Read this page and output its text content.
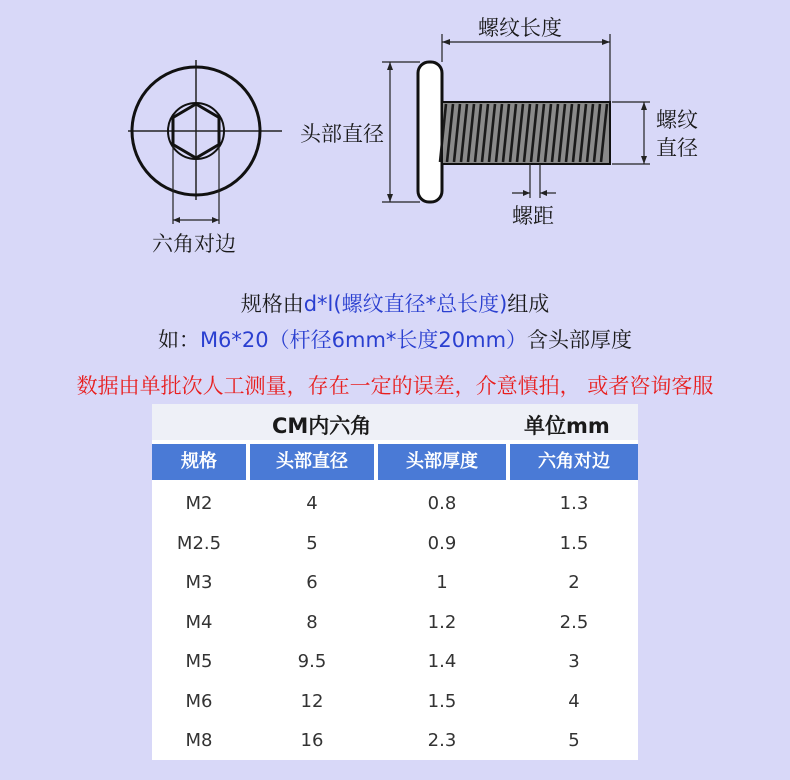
螺纹长度
头部直径
螺纹
直径
螺距
六角对边
规格由d*l(螺纹直径*总长度)组成
如：M6*20（杆径6mm*长度20mm）含头部厚度
数据由单批次人工测量，存在一定的误差，介意慎拍， 或者咨询客服
CM内六角	单位mm
规格	头部直径	头部厚度	六角对边
M2	4	0.8	1.3
M2.5	5	0.9	1.5
M3	6	1	2
M4	8	1.2	2.5
M5	9.5	1.4	3
M6	12	1.5	4
M8	16	2.3	5
